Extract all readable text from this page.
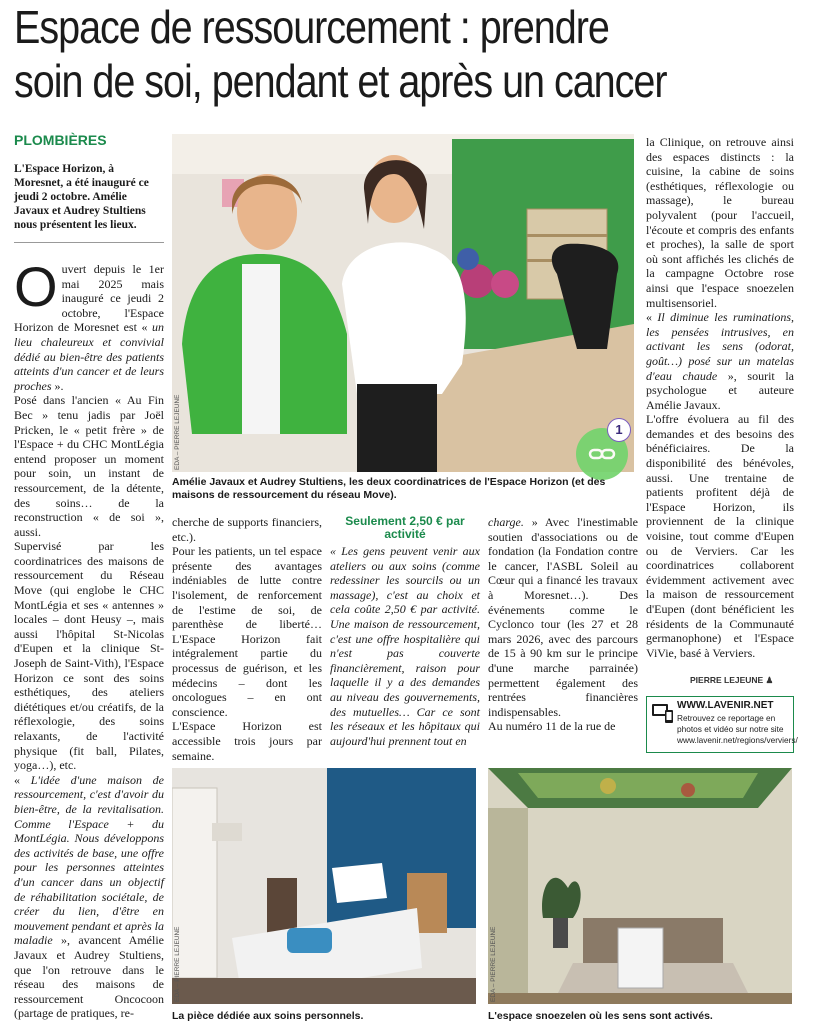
Espace de ressourcement : prendre
soin de soi, pendant et après un cancer
PLOMBIÈRES
L'Espace Horizon, à Moresnet, a été inauguré ce jeudi 2 octobre. Amélie Javaux et Audrey Stultiens nous présentent les lieux.

Ouvert depuis le 1er mai 2025 mais inauguré ce jeudi 2 octobre, l'Espace Horizon de Moresnet est « un lieu chaleureux et convivial dédié au bien-être des patients atteints d'un cancer et de leurs proches ».

Posé dans l'ancien « Au Fin Bec » tenu jadis par Joël Pricken, le « petit frère » de l'Espace + du CHC MontLégia entend proposer un moment pour soin, un instant de ressourcement, de la détente, des soins… de la reconstruction « de soi », aussi.

Supervisé par les coordinatrices des maisons de ressourcement du Réseau Move (qui englobe le CHC MontLégia et ses « antennes » locales – dont Heusy –, mais aussi l'hôpital St-Nicolas d'Eupen et la clinique St-Joseph de Saint-Vith), l'Espace Horizon ce sont des soins esthétiques, des ateliers diététiques et/ou créatifs, de la réflexologie, des soins relaxants, de l'activité physique (fit ball, Pilates, yoga…), etc.

« L'idée d'une maison de ressourcement, c'est d'avoir du bien-être, de la revitalisation. Comme l'Espace + du MontLégia. Nous développons des activités de base, une offre pour les personnes atteintes d'un cancer dans un objectif de réhabilitation sociétale, de créer du lien, d'être en mouvement pendant et après la maladie », avancent Amélie Javaux et Audrey Stultiens, que l'on retrouve dans le réseau des maisons de ressourcement Oncocoon (partage de pratiques, re-

EDA – PIERRE LEJEUNE	1
Amélie Javaux et Audrey Stultiens, les deux coordinatrices de l'Espace Horizon (et des maisons de ressourcement du réseau Move).

cherche de supports financiers, etc.).

Pour les patients, un tel espace présente des avantages indéniables de lutte contre l'isolement, de renforcement de l'estime de soi, de parenthèse de liberté… L'Espace Horizon fait intégralement partie du processus de guérison, et les médecins – dont les oncologues – en ont conscience.

L'Espace Horizon est accessible trois jours par semaine.

Seulement 2,50 € par activité

« Les gens peuvent venir aux ateliers ou aux soins (comme redessiner les sourcils ou un massage), c'est au choix et cela coûte 2,50 € par activité. Une maison de ressourcement, c'est une offre hospitalière qui n'est pas couverte financièrement, raison pour laquelle il y a des demandes au niveau des gouvernements, des mutuelles… Car ce sont les réseaux et les hôpitaux qui aujourd'hui prennent tout en

charge. » Avec l'inestimable soutien d'associations ou de fondation (la Fondation contre le cancer, l'ASBL Soleil au Cœur qui a financé les travaux à Moresnet…). Des événements comme le Cyclonco tour (les 27 et 28 mars 2026, avec des parcours de 15 à 90 km sur le principe d'une marche parrainée) permettent également des rentrées financières indispensables.

Au numéro 11 de la rue de

la Clinique, on retrouve ainsi des espaces distincts : la cuisine, la cabine de soins (esthétiques, réflexologie ou massage), le bureau polyvalent (pour l'accueil, l'écoute et compris des enfants et proches), la salle de sport où sont affichés les clichés de la campagne Octobre rose ainsi que l'espace snoezelen multisensoriel.

« Il diminue les ruminations, les pensées intrusives, en activant les sens (odorat, goût…) posé sur un matelas d'eau chaude », sourit la psychologue et auteure Amélie Javaux.

L'offre évoluera au fil des demandes et des besoins des bénéficiaires. De la disponibilité des bénévoles, aussi. Une trentaine de patients profitent déjà de l'Espace Horizon, ils proviennent de la clinique voisine, tout comme d'Eupen ou de Verviers. Car les coordinatrices collaborent évidemment activement avec la maison de ressourcement d'Eupen (dont bénéficient les résidents de la Communauté germanophone) et l'Espace ViVie, basé à Verviers.

PIERRE LEJEUNE ♟
WWW.LAVENIR.NET
Retrouvez ce reportage en photos et vidéo sur notre site www.lavenir.net/regions/verviers/
EDA – PIERRE LEJEUNE
La pièce dédiée aux soins personnels.
EDA – PIERRE LEJEUNE
L'espace snoezelen où les sens sont activés.
